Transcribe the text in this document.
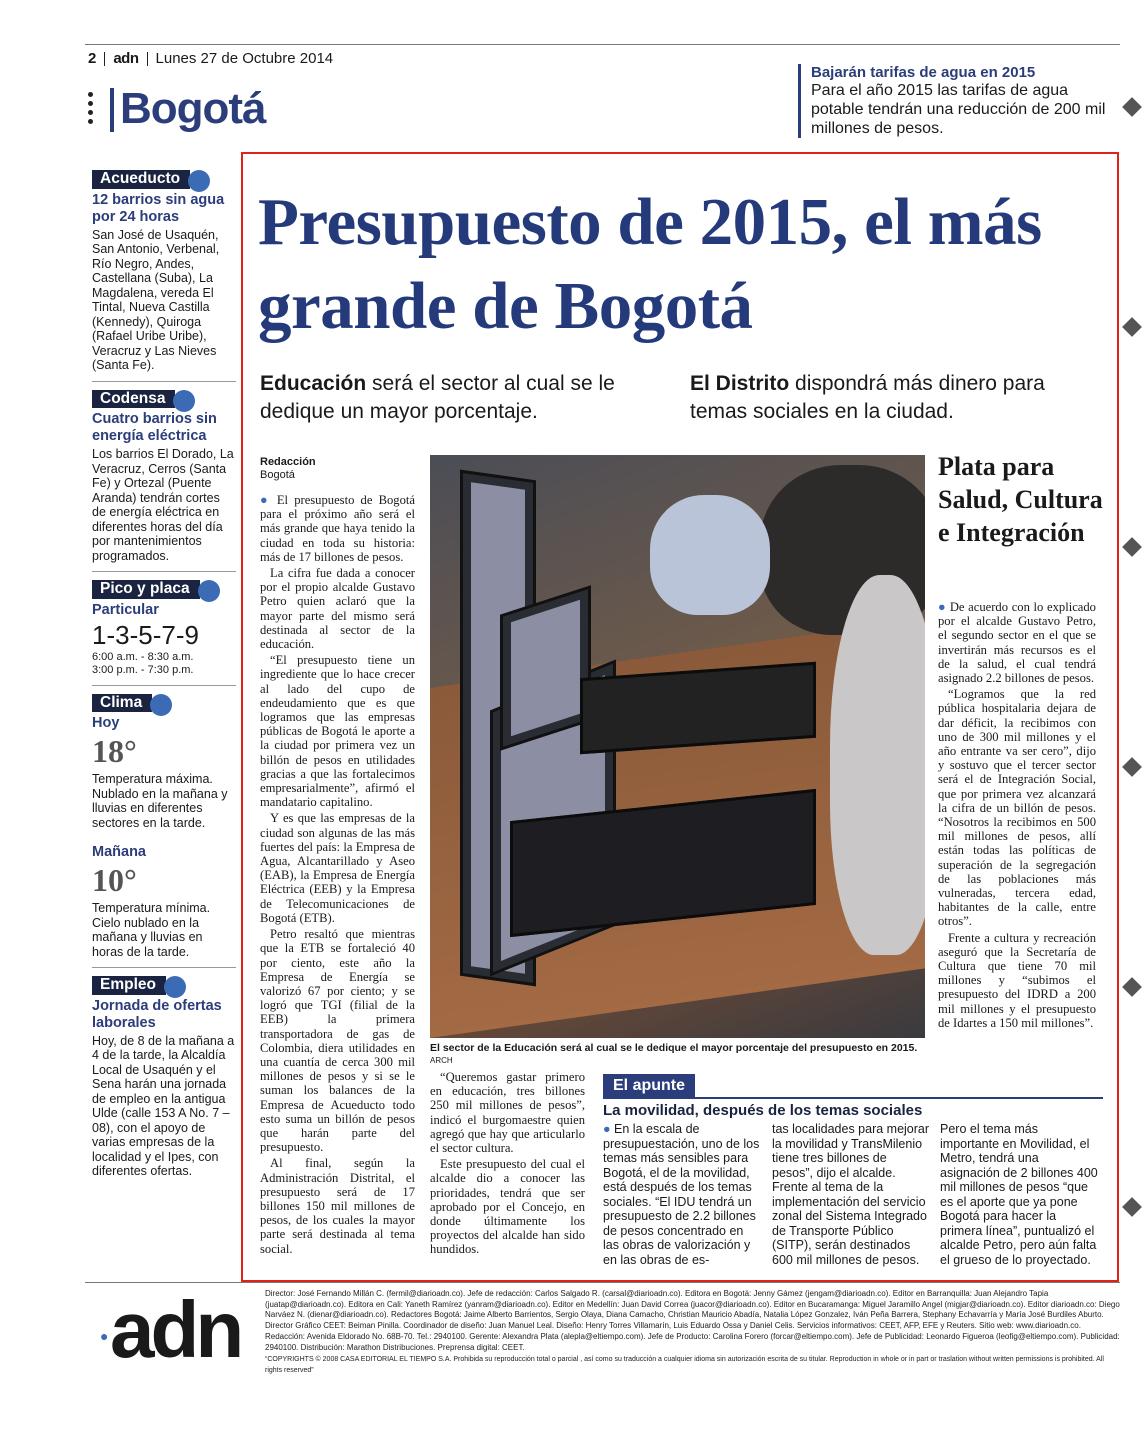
2 adn Lunes 27 de Octubre 2014
Bogotá
Bajarán tarifas de agua en 2015
Para el año 2015 las tarifas de agua potable tendrán una reducción de 200 mil millones de pesos.
Acueducto
12 barrios sin agua por 24 horas
San José de Usaquén, San Antonio, Verbenal, Río Negro, Andes, Castellana (Suba), La Magdalena, vereda El Tintal, Nueva Castilla (Kennedy), Quiroga (Rafael Uribe Uribe), Veracruz y Las Nieves (Santa Fe).
Codensa
Cuatro barrios sin energía eléctrica
Los barrios El Dorado, La Veracruz, Cerros (Santa Fe) y Ortezal (Puente Aranda) tendrán cortes de energía eléctrica en diferentes horas del día por mantenimientos programados.
Pico y placa
Particular
1-3-5-7-9
6:00 a.m. - 8:30 a.m.
3:00 p.m. - 7:30 p.m.
Clima
Hoy
18°
Temperatura máxima. Nublado en la mañana y lluvias en diferentes sectores en la tarde.
Mañana
10°
Temperatura mínima. Cielo nublado en la mañana y lluvias en horas de la tarde.
Empleo
Jornada de ofertas laborales
Hoy, de 8 de la mañana a 4 de la tarde, la Alcaldía Local de Usaquén y el Sena harán una jornada de empleo en la antigua Ulde (calle 153 A No. 7 – 08), con el apoyo de varias empresas de la localidad y el Ipes, con diferentes ofertas.
Presupuesto de 2015, el más grande de Bogotá
Educación será el sector al cual se le dedique un mayor porcentaje.
El Distrito dispondrá más dinero para temas sociales en la ciudad.
Redacción
Bogotá

● El presupuesto de Bogotá para el próximo año será el más grande que haya tenido la ciudad en toda su historia: más de 17 billones de pesos.

La cifra fue dada a conocer por el propio alcalde Gustavo Petro quien aclaró que la mayor parte del mismo será destinada al sector de la educación.

“El presupuesto tiene un ingrediente que lo hace crecer al lado del cupo de endeudamiento que es que logramos que las empresas públicas de Bogotá le aporte a la ciudad por primera vez un billón de pesos en utilidades gracias a que las fortalecimos empresarialmente”, afirmó el mandatario capitalino.

Y es que las empresas de la ciudad son algunas de las más fuertes del país: la Empresa de Agua, Alcantarillado y Aseo (EAB), la Empresa de Energía Eléctrica (EEB) y la Empresa de Telecomunicaciones de Bogotá (ETB).

Petro resaltó que mientras que la ETB se fortaleció 40 por ciento, este año la Empresa de Energía se valorizó 67 por ciento; y se logró que TGI (filial de la EEB) la primera transportadora de gas de Colombia, diera utilidades en una cuantía de cerca 300 mil millones de pesos y si se le suman los balances de la Empresa de Acueducto todo esto suma un billón de pesos que harán parte del presupuesto.

Al final, según la Administración Distrital, el presupuesto será de 17 billones 150 mil millones de pesos, de los cuales la mayor parte será destinada al tema social.

El sector de la Educación será al cual se le dedique el mayor porcentaje del presupuesto en 2015. ARCH

“Queremos gastar primero en educación, tres billones 250 mil millones de pesos”, indicó el burgomaestre quien agregó que hay que articularlo el sector cultura.

Este presupuesto del cual el alcalde dio a conocer las prioridades, tendrá que ser aprobado por el Concejo, en donde últimamente los proyectos del alcalde han sido hundidos.

Plata para Salud, Cultura e Integración

● De acuerdo con lo explicado por el alcalde Gustavo Petro, el segundo sector en el que se invertirán más recursos es el de la salud, el cual tendrá asignado 2.2 billones de pesos.

“Logramos que la red pública hospitalaria dejara de dar déficit, la recibimos con uno de 300 mil millones y el año entrante va ser cero”, dijo y sostuvo que el tercer sector será el de Integración Social, que por primera vez alcanzará la cifra de un billón de pesos. “Nosotros la recibimos en 500 mil millones de pesos, allí están todas las políticas de superación de la segregación de las poblaciones más vulneradas, tercera edad, habitantes de la calle, entre otros”.

Frente a cultura y recreación aseguró que la Secretaría de Cultura que tiene 70 mil millones y “subimos el presupuesto del IDRD a 200 mil millones y el presupuesto de Idartes a 150 mil millones”.

El apunte
La movilidad, después de los temas sociales
● En la escala de presupuestación, uno de los temas más sensibles para Bogotá, el de la movilidad, está después de los temas sociales. “El IDU tendrá un presupuesto de 2.2 billones de pesos concentrado en las obras de valorización y en las obras de es-
tas localidades para mejorar la movilidad y TransMilenio tiene tres billones de pesos”, dijo el alcalde. Frente al tema de la implementación del servicio zonal del Sistema Integrado de Transporte Público (SITP), serán destinados 600 mil millones de pesos.
Pero el tema más importante en Movilidad, el Metro, tendrá una asignación de 2 billones 400 mil millones de pesos “que es el aporte que ya pone Bogotá para hacer la primera línea”, puntualizó el alcalde Petro, pero aún falta el grueso de lo proyectado.
● adn	Director: José Fernando Millán C. (fermil@diarioadn.co). Jefe de redacción: Carlos Salgado R. (carsal@diarioadn.co). Editora en Bogotá: Jenny Gámez (jengam@diarioadn.co). Editor en Barranquilla: Juan Alejandro Tapia (juatap@diarioadn.co). Editora en Cali: Yaneth Ramírez (yanram@diarioadn.co). Editor en Medellín: Juan David Correa (juacor@diarioadn.co). Editor en Bucaramanga: Miguel Jaramillo Angel (migjar@diarioadn.co). Editor diarioadn.co: Diego Narváez N. (dienar@diarioadn.co). Redactores Bogotá: Jaime Alberto Barrientos, Sergio Olaya, Diana Camacho, Christian Mauricio Abadía, Natalia López Gonzalez, Iván Peña Barrera, Stephany Echavarría y María José Burdiles Aburto. Director Gráfico CEET: Beiman Pinilla. Coordinador de diseño: Juan Manuel Leal. Diseño: Henry Torres Villamarín, Luis Eduardo Ossa y Daniel Celis. Servicios informativos: CEET, AFP, EFE y Reuters. Sitio web: www.diarioadn.co. Redacción: Avenida Eldorado No. 68B-70. Tel.: 2940100. Gerente: Alexandra Plata (alepla@eltiempo.com). Jefe de Producto: Carolina Forero (forcar@eltiempo.com). Jefe de Publicidad: Leonardo Figueroa (leofig@eltiempo.com). Publicidad: 2940100. Distribución: Marathon Distribuciones. Preprensa digital: CEET.
“COPYRIGHTS © 2008 CASA EDITORIAL EL TIEMPO S.A. Prohibida su reproducción total o parcial , así como su traducción a cualquier idioma sin autorización escrita de su titular. Reproduction in whole or in part or traslation without written permissions is prohibited. All rights reserved”
